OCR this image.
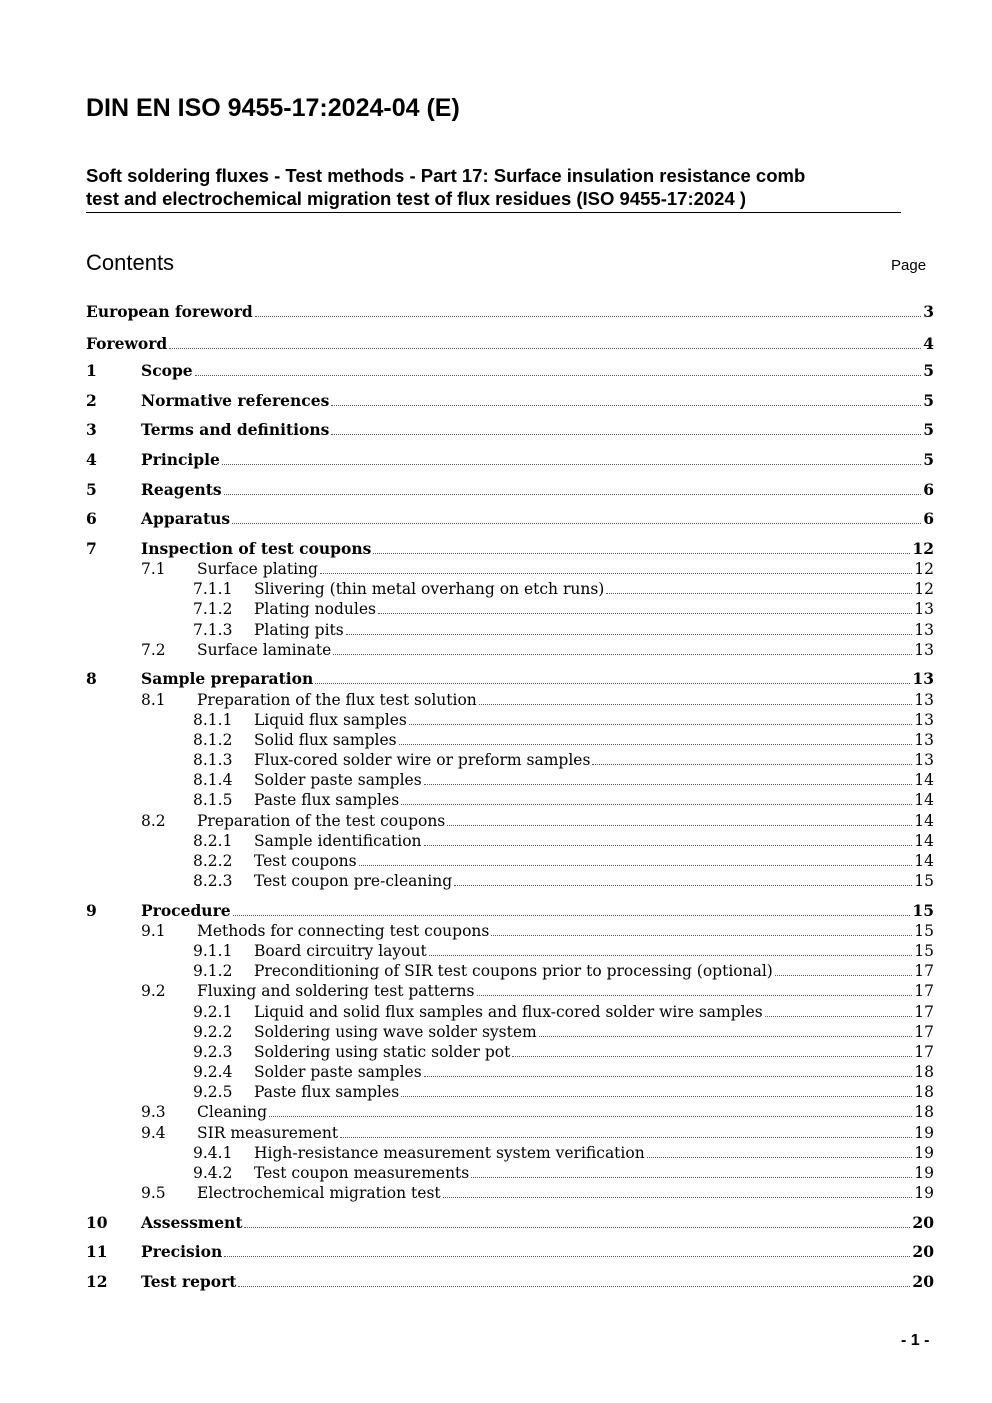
DIN EN ISO 9455-17:2024-04 (E)
Soft soldering fluxes - Test methods - Part 17: Surface insulation resistance comb
test and electrochemical migration test of flux residues (ISO 9455-17:2024 )
Contents	Page
European foreword	3
Foreword	4
1	Scope	5
2	Normative references	5
3	Terms and definitions	5
4	Principle	5
5	Reagents	6
6	Apparatus	6
7	Inspection of test coupons	12
7.1	Surface plating	12
7.1.1	Slivering (thin metal overhang on etch runs)	12
7.1.2	Plating nodules	13
7.1.3	Plating pits	13
7.2	Surface laminate	13
8	Sample preparation	13
8.1	Preparation of the flux test solution	13
8.1.1	Liquid flux samples	13
8.1.2	Solid flux samples	13
8.1.3	Flux-cored solder wire or preform samples	13
8.1.4	Solder paste samples	14
8.1.5	Paste flux samples	14
8.2	Preparation of the test coupons	14
8.2.1	Sample identification	14
8.2.2	Test coupons	14
8.2.3	Test coupon pre-cleaning	15
9	Procedure	15
9.1	Methods for connecting test coupons	15
9.1.1	Board circuitry layout	15
9.1.2	Preconditioning of SIR test coupons prior to processing (optional)	17
9.2	Fluxing and soldering test patterns	17
9.2.1	Liquid and solid flux samples and flux-cored solder wire samples	17
9.2.2	Soldering using wave solder system	17
9.2.3	Soldering using static solder pot	17
9.2.4	Solder paste samples	18
9.2.5	Paste flux samples	18
9.3	Cleaning	18
9.4	SIR measurement	19
9.4.1	High-resistance measurement system verification	19
9.4.2	Test coupon measurements	19
9.5	Electrochemical migration test	19
10	Assessment	20
11	Precision	20
12	Test report	20
- 1 -
